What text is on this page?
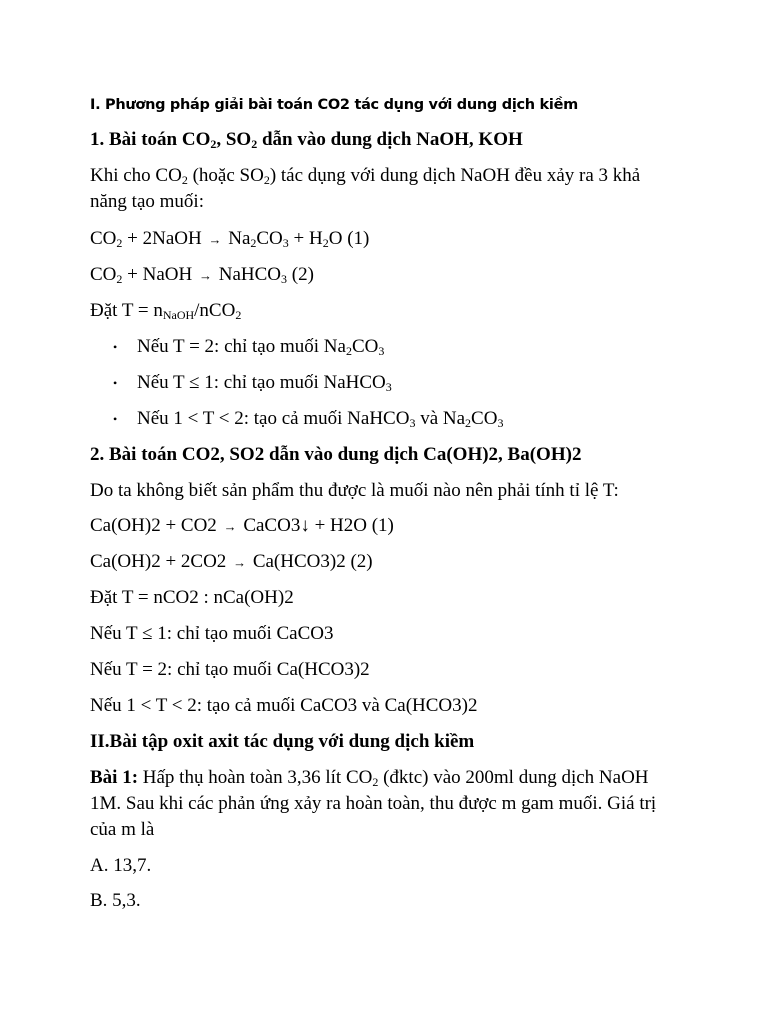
I. Phương pháp giải bài toán CO2 tác dụng với dung dịch kiềm
1. Bài toán $CO_2$, $SO_2$ dẫn vào dung dịch NaOH, KOH
Khi cho $CO_2$ (hoặc $SO_2$) tác dụng với dung dịch NaOH đều xảy ra 3 khả năng tạo muối:
$CO_2$ + 2NaOH → $Na_2CO_3 + H_2O$ (1)
$CO_2$ + NaOH → NaHCO$_3$ (2)
Đặt $T = n_{NaOH}/nCO_2$
• Nếu T = 2: chỉ tạo muối $Na_2CO_3$
• Nếu T ≤ 1: chỉ tạo muối NaHCO$_3$
• Nếu 1 < T < 2: tạo cả muối NaHCO$_3$ và $Na_2CO_3$
2. Bài toán CO2, SO2 dẫn vào dung dịch Ca(OH)2, Ba(OH)2
Do ta không biết sản phẩm thu được là muối nào nên phải tính tỉ lệ T:
Ca(OH)2 + CO2 → CaCO3↓ + H2O (1)
Ca(OH)2 + 2CO2 → Ca(HCO3)2 (2)
Đặt T = nCO2 : nCa(OH)2
Nếu T ≤ 1: chỉ tạo muối CaCO3
Nếu T = 2: chỉ tạo muối Ca(HCO3)2
Nếu 1 < T < 2: tạo cả muối CaCO3 và Ca(HCO3)2
II.Bài tập oxit axit tác dụng với dung dịch kiềm
Bài 1: Hấp thụ hoàn toàn 3,36 lít $CO_2$ (đktc) vào 200ml dung dịch NaOH 1M. Sau khi các phản ứng xảy ra hoàn toàn, thu được m gam muối. Giá trị của m là
A. 13,7.
B. 5,3.
